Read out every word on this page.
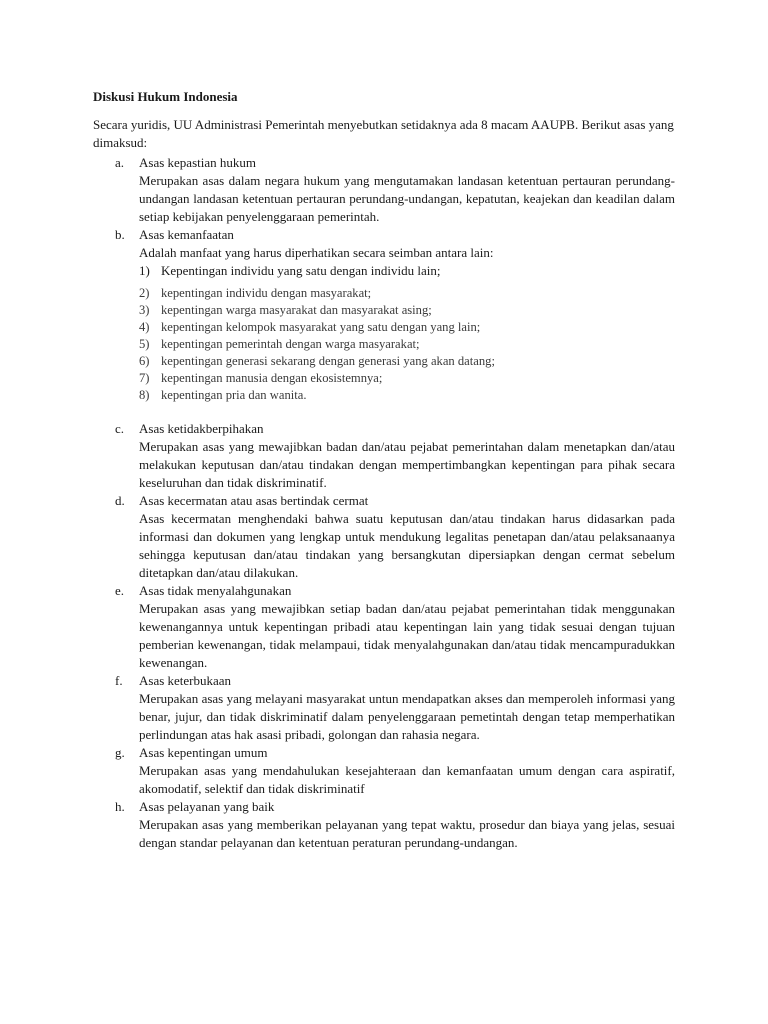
Diskusi Hukum Indonesia
Secara yuridis, UU Administrasi Pemerintah menyebutkan setidaknya ada 8 macam AAUPB. Berikut asas yang dimaksud:
a. Asas kepastian hukum
Merupakan asas dalam negara hukum yang mengutamakan landasan ketentuan pertauran perundang-undangan landasan ketentuan pertauran perundang-undangan, kepatutan, keajekan dan keadilan dalam setiap kebijakan penyelenggaraan pemerintah.
b. Asas kemanfaatan
Adalah manfaat yang harus diperhatikan secara seimban antara lain:
1) Kepentingan individu yang satu dengan individu lain;
2) kepentingan individu dengan masyarakat;
3) kepentingan warga masyarakat dan masyarakat asing;
4) kepentingan kelompok masyarakat yang satu dengan yang lain;
5) kepentingan pemerintah dengan warga masyarakat;
6) kepentingan generasi sekarang dengan generasi yang akan datang;
7) kepentingan manusia dengan ekosistemnya;
8) kepentingan pria dan wanita.
c. Asas ketidakberpihakan
Merupakan asas yang mewajibkan badan dan/atau pejabat pemerintahan dalam menetapkan dan/atau melakukan keputusan dan/atau tindakan dengan mempertimbangkan kepentingan para pihak secara keseluruhan dan tidak diskriminatif.
d. Asas kecermatan atau asas bertindak cermat
Asas kecermatan menghendaki bahwa suatu keputusan dan/atau tindakan harus didasarkan pada informasi dan dokumen yang lengkap untuk mendukung legalitas penetapan dan/atau pelaksanaanya sehingga keputusan dan/atau tindakan yang bersangkutan dipersiapkan dengan cermat sebelum ditetapkan dan/atau dilakukan.
e. Asas tidak menyalahgunakan
Merupakan asas yang mewajibkan setiap badan dan/atau pejabat pemerintahan tidak menggunakan kewenangannya untuk kepentingan pribadi atau kepentingan lain yang tidak sesuai dengan tujuan pemberian kewenangan, tidak melampaui, tidak menyalahgunakan dan/atau tidak mencampuradukkan kewenangan.
f. Asas keterbukaan
Merupakan asas yang melayani masyarakat untun mendapatkan akses dan memperoleh informasi yang benar, jujur, dan tidak diskriminatif dalam penyelenggaraan pemetintah dengan tetap memperhatikan perlindungan atas hak asasi pribadi, golongan dan rahasia negara.
g. Asas kepentingan umum
Merupakan asas yang mendahulukan kesejahteraan dan kemanfaatan umum dengan cara aspiratif, akomodatif, selektif dan tidak diskriminatif
h. Asas pelayanan yang baik
Merupakan asas yang memberikan pelayanan yang tepat waktu, prosedur dan biaya yang jelas, sesuai dengan standar pelayanan dan ketentuan peraturan perundang-undangan.
